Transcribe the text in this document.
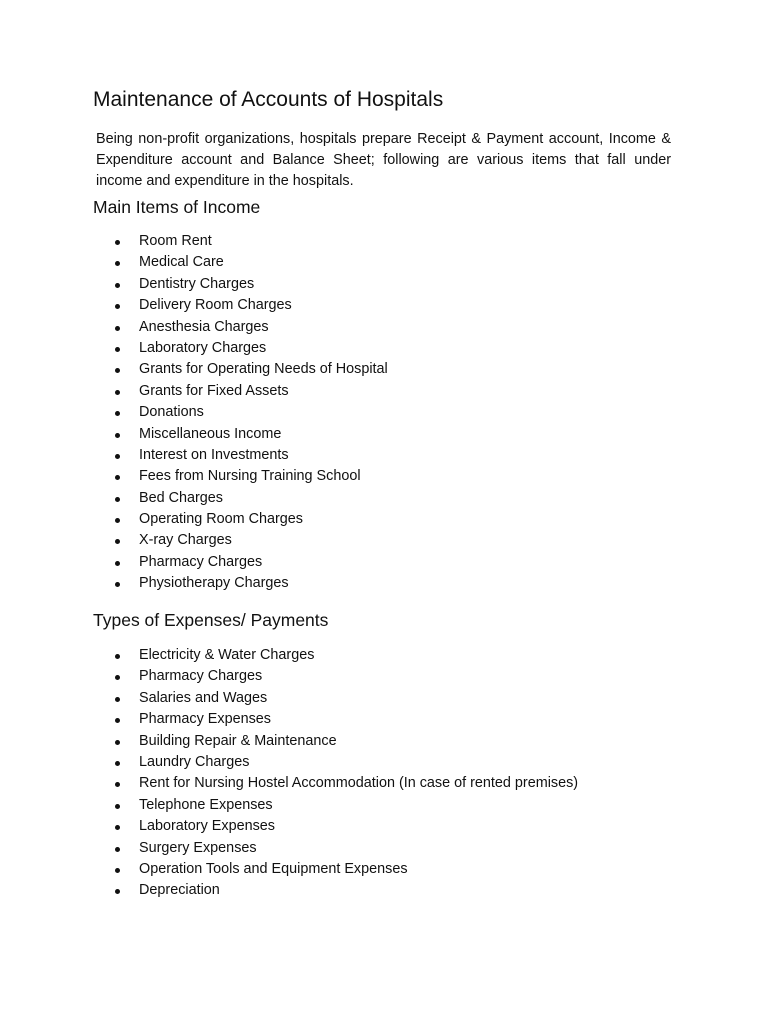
Maintenance of Accounts of Hospitals

Being non-profit organizations, hospitals prepare Receipt & Payment account, Income & Expenditure account and Balance Sheet; following are various items that fall under income and expenditure in the hospitals.

Main Items of Income
Room Rent
Medical Care
Dentistry Charges
Delivery Room Charges
Anesthesia Charges
Laboratory Charges
Grants for Operating Needs of Hospital
Grants for Fixed Assets
Donations
Miscellaneous Income
Interest on Investments
Fees from Nursing Training School
Bed Charges
Operating Room Charges
X-ray Charges
Pharmacy Charges
Physiotherapy Charges
Types of Expenses/ Payments
Electricity & Water Charges
Pharmacy Charges
Salaries and Wages
Pharmacy Expenses
Building Repair & Maintenance
Laundry Charges
Rent for Nursing Hostel Accommodation (In case of rented premises)
Telephone Expenses
Laboratory Expenses
Surgery Expenses
Operation Tools and Equipment Expenses
Depreciation
